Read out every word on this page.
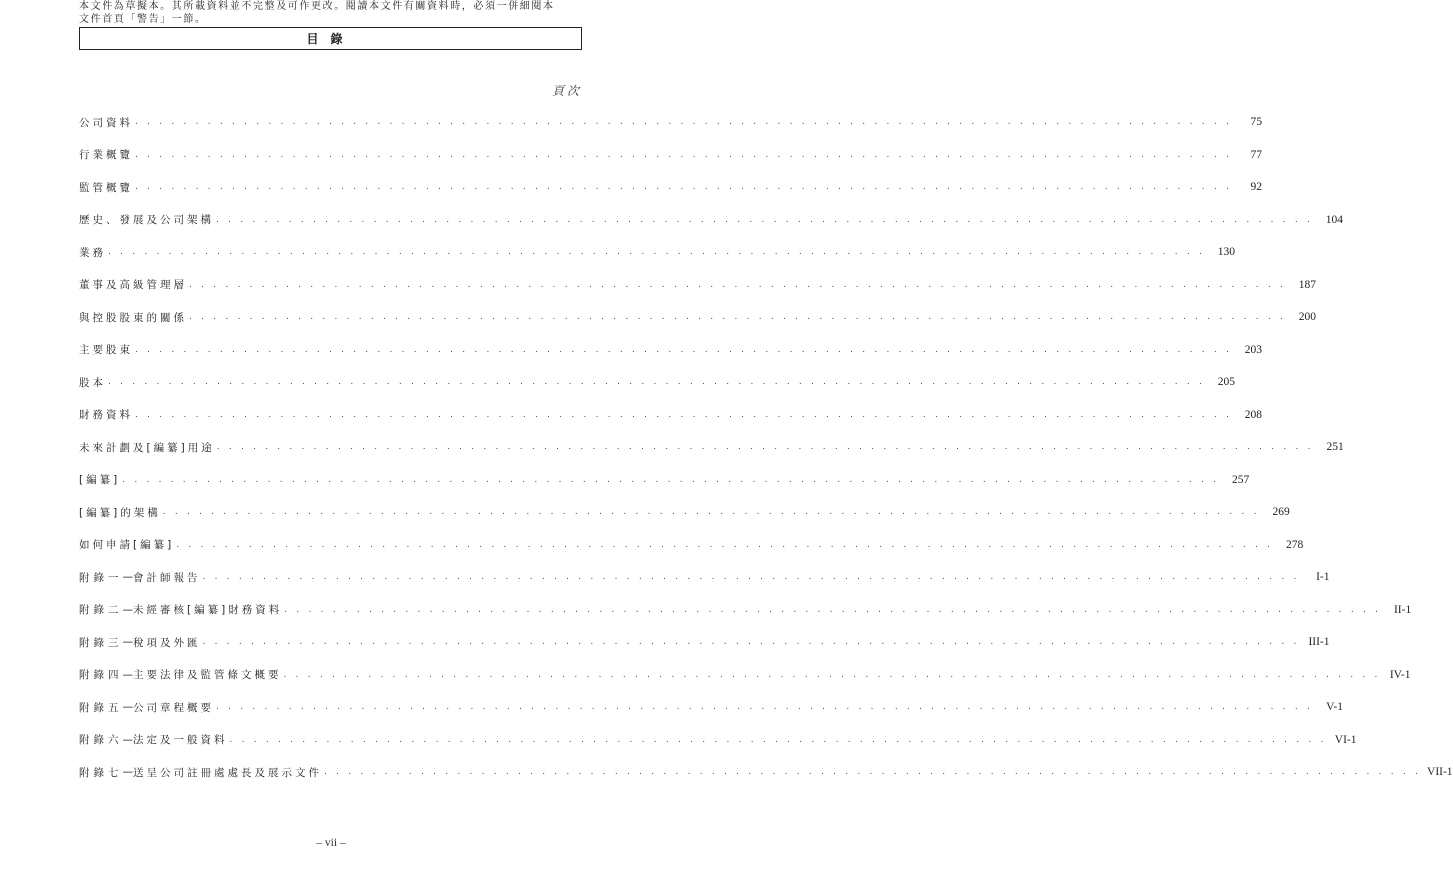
本文件為草擬本。其所載資料並不完整及可作更改。閱讀本文件有關資料時，必須一併細閱本
文件首頁「警告」一節。
目錄
頁次
公司資料 . . . . . . . . . . . . . . . . . . . . . . . . . . . . . . . . . . . . . . . . . . . . . . . . . . . . . . . . . . . . . . . . . . . . . . . . . . . . . . . . . . . . . . . . . . .	75
行業概覽 . . . . . . . . . . . . . . . . . . . . . . . . . . . . . . . . . . . . . . . . . . . . . . . . . . . . . . . . . . . . . . . . . . . . . . . . . . . . . . . . . . . . . . . . . . .	77
監管概覽 . . . . . . . . . . . . . . . . . . . . . . . . . . . . . . . . . . . . . . . . . . . . . . . . . . . . . . . . . . . . . . . . . . . . . . . . . . . . . . . . . . . . . . . . . . .	92
歷史、發展及公司架構 . . . . . . . . . . . . . . . . . . . . . . . . . . . . . . . . . . . . . . . . . . . . . . . . . . . . . . . . . . . . . . . . . . . . . . . . . . . . . . . . . . . . . . . . . . .	104
業務 . . . . . . . . . . . . . . . . . . . . . . . . . . . . . . . . . . . . . . . . . . . . . . . . . . . . . . . . . . . . . . . . . . . . . . . . . . . . . . . . . . . . . . . . . . .	130
董事及高級管理層 . . . . . . . . . . . . . . . . . . . . . . . . . . . . . . . . . . . . . . . . . . . . . . . . . . . . . . . . . . . . . . . . . . . . . . . . . . . . . . . . . . . . . . . . . . .	187
與控股股東的關係 . . . . . . . . . . . . . . . . . . . . . . . . . . . . . . . . . . . . . . . . . . . . . . . . . . . . . . . . . . . . . . . . . . . . . . . . . . . . . . . . . . . . . . . . . . .	200
主要股東 . . . . . . . . . . . . . . . . . . . . . . . . . . . . . . . . . . . . . . . . . . . . . . . . . . . . . . . . . . . . . . . . . . . . . . . . . . . . . . . . . . . . . . . . . . .	203
股本 . . . . . . . . . . . . . . . . . . . . . . . . . . . . . . . . . . . . . . . . . . . . . . . . . . . . . . . . . . . . . . . . . . . . . . . . . . . . . . . . . . . . . . . . . . .	205
財務資料 . . . . . . . . . . . . . . . . . . . . . . . . . . . . . . . . . . . . . . . . . . . . . . . . . . . . . . . . . . . . . . . . . . . . . . . . . . . . . . . . . . . . . . . . . . .	208
未來計劃及[編纂]用途 . . . . . . . . . . . . . . . . . . . . . . . . . . . . . . . . . . . . . . . . . . . . . . . . . . . . . . . . . . . . . . . . . . . . . . . . . . . . . . . . . . . . . . . . . . .	251
[編纂] . . . . . . . . . . . . . . . . . . . . . . . . . . . . . . . . . . . . . . . . . . . . . . . . . . . . . . . . . . . . . . . . . . . . . . . . . . . . . . . . . . . . . . . . . . .	257
[編纂]的架構 . . . . . . . . . . . . . . . . . . . . . . . . . . . . . . . . . . . . . . . . . . . . . . . . . . . . . . . . . . . . . . . . . . . . . . . . . . . . . . . . . . . . . . . . . . .	269
如何申請[編纂] . . . . . . . . . . . . . . . . . . . . . . . . . . . . . . . . . . . . . . . . . . . . . . . . . . . . . . . . . . . . . . . . . . . . . . . . . . . . . . . . . . . . . . . . . . .	278
附錄一 — 會計師報告 . . . . . . . . . . . . . . . . . . . . . . . . . . . . . . . . . . . . . . . . . . . . . . . . . . . . . . . . . . . . . . . . . . . . . . . . . . . . . . . . . . . . . . . . . . .	I-1
附錄二 — 未經審核[編纂]財務資料 . . . . . . . . . . . . . . . . . . . . . . . . . . . . . . . . . . . . . . . . . . . . . . . . . . . . . . . . . . . . . . . . . . . . . . . . . . . . . . . . . . . . . . . . . . .	II-1
附錄三 — 稅項及外匯 . . . . . . . . . . . . . . . . . . . . . . . . . . . . . . . . . . . . . . . . . . . . . . . . . . . . . . . . . . . . . . . . . . . . . . . . . . . . . . . . . . . . . . . . . . . III-1
附錄四 — 主要法律及監管條文概要 . . . . . . . . . . . . . . . . . . . . . . . . . . . . . . . . . . . . . . . . . . . . . . . . . . . . . . . . . . . . . . . . . . . . . . . . . . . . . . . . . . . . . . . . . . . IV-1
附錄五 — 公司章程概要 . . . . . . . . . . . . . . . . . . . . . . . . . . . . . . . . . . . . . . . . . . . . . . . . . . . . . . . . . . . . . . . . . . . . . . . . . . . . . . . . . . . . . . . . . . .	V-1
附錄六 — 法定及一般資料 . . . . . . . . . . . . . . . . . . . . . . . . . . . . . . . . . . . . . . . . . . . . . . . . . . . . . . . . . . . . . . . . . . . . . . . . . . . . . . . . . . . . . . . . . . . VI-1
附錄七 — 送呈公司註冊處處長及展示文件 . . . . . . . . . . . . . . . . . . . . . . . . . . . . . . . . . . . . . . . . . . . . . . . . . . . . . . . . . . . . . . . . . . . . . . . . . . . . . . . . . . . . . . . . . . . VII-1
– vii –
